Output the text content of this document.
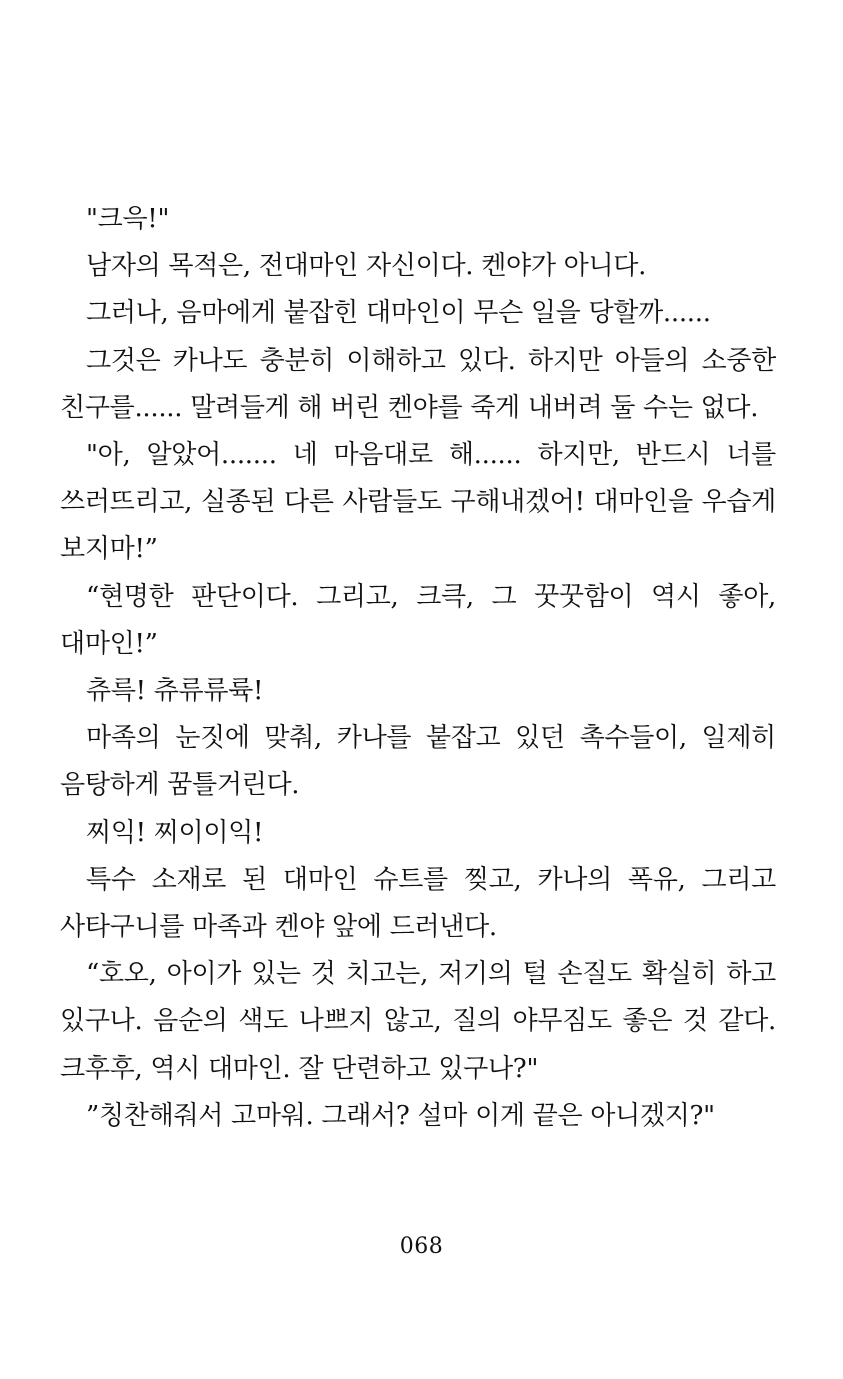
"크윽!"

남자의 목적은, 전대마인 자신이다. 켄야가 아니다.

그러나, 음마에게 붙잡힌 대마인이 무슨 일을 당할까......

그것은 카나도 충분히 이해하고 있다. 하지만 아들의 소중한 친구를...... 말려들게 해 버린 켄야를 죽게 내버려 둘 수는 없다.

"아, 알았어....... 네 마음대로 해...... 하지만, 반드시 너를 쓰러뜨리고, 실종된 다른 사람들도 구해내겠어! 대마인을 우습게 보지마!”

“현명한 판단이다. 그리고, 크큭, 그 꿋꿋함이 역시 좋아, 대마인!”

츄륵! 츄류류륙!

마족의 눈짓에 맞춰, 카나를 붙잡고 있던 촉수들이, 일제히 음탕하게 꿈틀거린다.

찌익! 찌이이익!

특수 소재로 된 대마인 슈트를 찢고, 카나의 폭유, 그리고 사타구니를 마족과 켄야 앞에 드러낸다.

“호오, 아이가 있는 것 치고는, 저기의 털 손질도 확실히 하고 있구나. 음순의 색도 나쁘지 않고, 질의 야무짐도 좋은 것 같다. 크후후, 역시 대마인. 잘 단련하고 있구나?"

”칭찬해줘서 고마워. 그래서? 설마 이게 끝은 아니겠지?"

068
